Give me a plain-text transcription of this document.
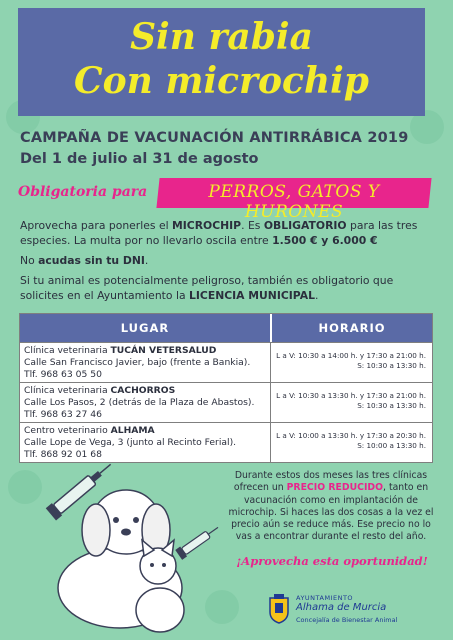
Sin rabia
Con microchip
CAMPAÑA DE VACUNACIÓN ANTIRRÁBICA 2019
Del 1 de julio al 31 de agosto
Obligatoria para	PERROS, GATOS Y HURONES
Aprovecha para ponerles el MICROCHIP. Es OBLIGATORIO para las tres especies. La multa por no llevarlo oscila entre 1.500 € y 6.000 €
No acudas sin tu DNI.
Si tu animal es potencialmente peligroso, también es obligatorio que solicites en el Ayuntamiento la LICENCIA MUNICIPAL.
LUGAR	HORARIO
Clínica veterinaria TUCÁN VETERSALUD
Calle San Francisco Javier, bajo (frente a Bankia).
Tlf. 968 63 05 50
L a V: 10:30 a 14:00 h. y 17:30 a 21:00 h.
S: 10:30 a 13:30 h.
Clínica veterinaria CACHORROS
Calle Los Pasos, 2 (detrás de la Plaza de Abastos).
Tlf. 968 63 27 46
L a V: 10:30 a 13:30 h. y 17:30 a 21:00 h.
S: 10:30 a 13:30 h.
Centro veterinario ALHAMA
Calle Lope de Vega, 3 (junto al Recinto Ferial).
Tlf. 868 92 01 68
L a V: 10:00 a 13:30 h. y 17:30 a 20:30 h.
S: 10:00 a 13:30 h.
Durante estos dos meses las tres clínicas ofrecen un PRECIO REDUCIDO, tanto en vacunación como en implantación de microchip. Si haces las dos cosas a la vez el precio aún se reduce más. Ese precio no lo vas a encontrar durante el resto del año.
¡Aprovecha esta oportunidad!
AYUNTAMIENTO
Alhama de Murcia
Concejalía de Bienestar Animal
